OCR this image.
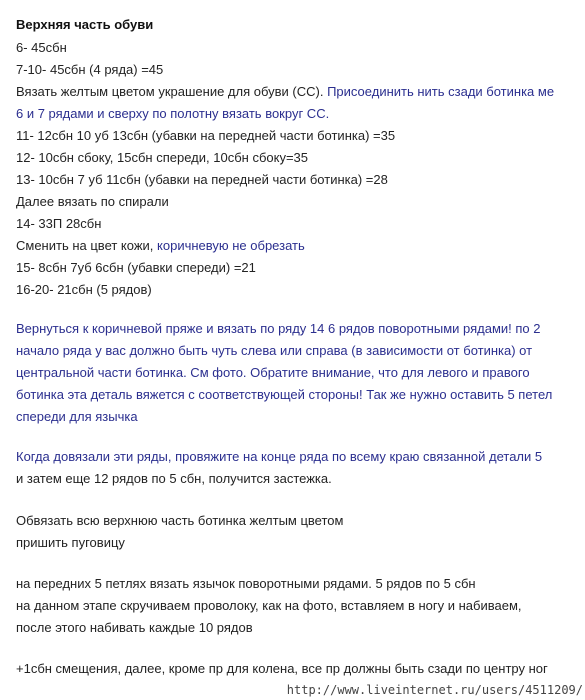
Верхняя часть обуви
6- 45сбн
7-10- 45сбн (4 ряда) =45
Вязать желтым цветом украшение для обуви (СС). Присоединить нить сзади ботинка ме
6 и 7 рядами и сверху по полотну вязать вокруг СС.
11- 12сбн 10 уб 13сбн (убавки на передней части ботинка) =35
12- 10сбн сбоку, 15сбн спереди, 10сбн сбоку=35
13- 10сбн 7 уб 11сбн (убавки на передней части ботинка) =28
Далее вязать по спирали
14- 33П 28сбн
Сменить на цвет кожи, коричневую не обрезать
15- 8сбн 7уб 6сбн (убавки спереди) =21
16-20- 21сбн (5 рядов)
Вернуться к коричневой пряже и вязать по ряду 14 6 рядов поворотными рядами! по 2
начало ряда у вас должно быть чуть слева или справа (в зависимости от ботинка) от
центральной части ботинка. См фото. Обратите внимание, что для левого и правого
ботинка эта деталь вяжется с соответствующей стороны! Так же нужно оставить 5 петел
спереди для язычка
Когда довязали эти ряды, провяжите на конце ряда по всему краю связанной детали 5
и затем еще 12 рядов по 5 сбн, получится застежка.
Обвязать всю верхнюю часть ботинка желтым цветом
пришить пуговицу
на передних 5 петлях вязать язычок поворотными рядами. 5 рядов по 5 сбн
на данном этапе скручиваем проволоку, как на фото, вставляем в ногу и набиваем,
после этого набивать каждые 10 рядов
+1сбн смещения, далее, кроме пр для колена, все пр должны быть сзади по центру ног
http://www.liveinternet.ru/users/4511209/
